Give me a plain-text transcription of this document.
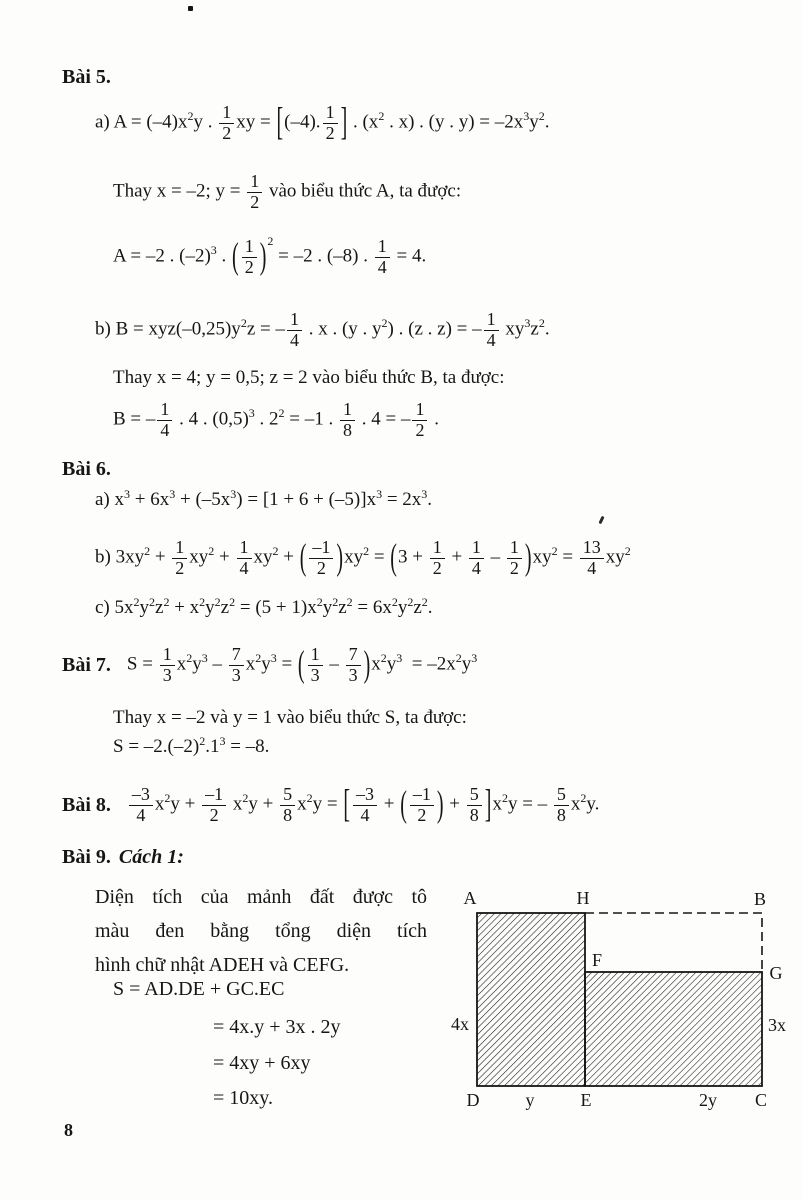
Bài 5.
a) A = (–4)x2y . $\frac{1}{2}$ xy = [(–4). $\frac{1}{2}$ ] . (x2 . x) . (y . y) = –2x3y2.
Thay x = –2; $y = \frac{1}{2}$ vào biểu thức A, ta được:
A = –2 . (–2)3 . ( $\frac{1}{2} )2 = -2$ . (–8) . $\frac{1}{4} = 4$.
b) B = xyz(–0,25)y2z = – $\frac{1}{4}$ . x . (y . y2) . (z . z) = – $\frac{1}{4} xy3z2$.
Thay x = 4; y = 0,5; z = 2 vào biểu thức B, ta được:
B = – $\frac{1}{4}$ . 4 . (0,5)3 . 22 = –1 . $\frac{1}{8}$ . 4 = – $\frac{1}{2}$ .
Bài 6.
a) x3 + 6x3 + (–5x3) = [1 + 6 + (–5)]x3 = 2x3.
b) $3xy2 + \frac{1}{2} xy2 + \frac{1}{4} xy2$ + ( $\frac{-1}{2} )xy2 = (3 + \frac{1}{2} + \frac{1}{4} - \frac{1}{2} )xy2 = \frac{13}{4} xy2$
c) 5x2y2z2 + x2y2z2 = (5 + 1)x2y2z2 = 6x2y2z2.
Bài 7. $S = \frac{1}{3} x2y3 - \frac{7}{3} x2y3$ = ( $\frac{1}{3} - \frac{7}{3} )x2y3 = -2x2y3$
Thay x = –2 và y = 1 vào biểu thức S, ta được:
S = –2.(–2)2.13 = –8.
Bài 8. $\frac{-3}{4} x2y + \frac{-1}{2} x2y + \frac{5}{8} x2y$ = [ $\frac{-3}{4}$ + ( $\frac{-1}{2}$ ) + $\frac{5}{8} ]x2y$ = – $\frac{5}{8} x2y$.
Bài 9. Cách 1:
Diện tích của mảnh đất được tô
màu đen bằng tổng diện tích
hình chữ nhật ADEH và CEFG.
S = AD.DE + GC.EC
= 4x.y + 3x . 2y
= 4xy + 6xy
= 10xy.
A	H	B
F
G
D	E	C
4x	3x
y	2y
8
